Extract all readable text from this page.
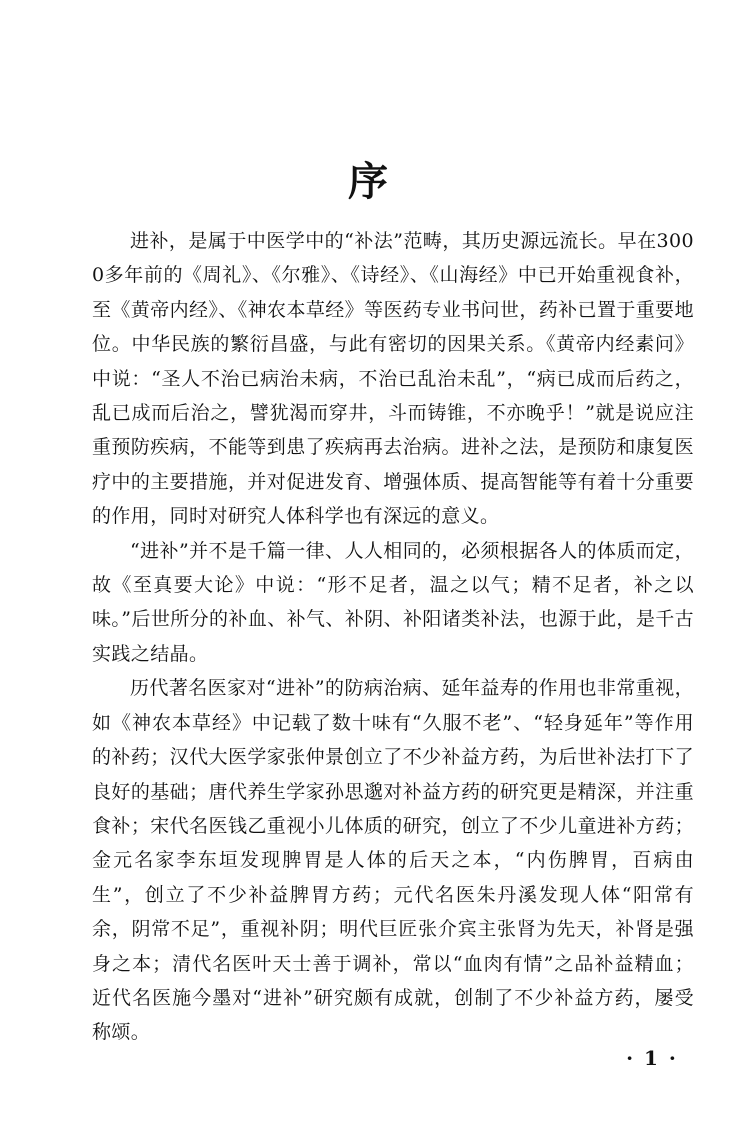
序

进补，是属于中医学中的“补法”范畴，其历史源远流长。早在3000多年前的《周礼》、《尔雅》、《诗经》、《山海经》中已开始重视食补，至《黄帝内经》、《神农本草经》等医药专业书问世，药补已置于重要地位。中华民族的繁衍昌盛，与此有密切的因果关系。《黄帝内经素问》中说：“圣人不治已病治未病，不治已乱治未乱”，“病已成而后药之，乱已成而后治之，譬犹渴而穿井，斗而铸锥，不亦晚乎！”就是说应注重预防疾病，不能等到患了疾病再去治病。进补之法，是预防和康复医疗中的主要措施，并对促进发育、增强体质、提高智能等有着十分重要的作用，同时对研究人体科学也有深远的意义。

“进补”并不是千篇一律、人人相同的，必须根据各人的体质而定，故《至真要大论》中说：“形不足者，温之以气；精不足者，补之以味。”后世所分的补血、补气、补阴、补阳诸类补法，也源于此，是千古实践之结晶。

历代著名医家对“进补”的防病治病、延年益寿的作用也非常重视，如《神农本草经》中记载了数十味有“久服不老”、“轻身延年”等作用的补药；汉代大医学家张仲景创立了不少补益方药，为后世补法打下了良好的基础；唐代养生学家孙思邈对补益方药的研究更是精深，并注重食补；宋代名医钱乙重视小儿体质的研究，创立了不少儿童进补方药；金元名家李东垣发现脾胃是人体的后天之本，“内伤脾胃，百病由生”，创立了不少补益脾胃方药；元代名医朱丹溪发现人体“阳常有余，阴常不足”，重视补阴；明代巨匠张介宾主张肾为先天，补肾是强身之本；清代名医叶天士善于调补，常以“血肉有情”之品补益精血；近代名医施今墨对“进补”研究颇有成就，创制了不少补益方药，屡受称颂。

· 1 ·
